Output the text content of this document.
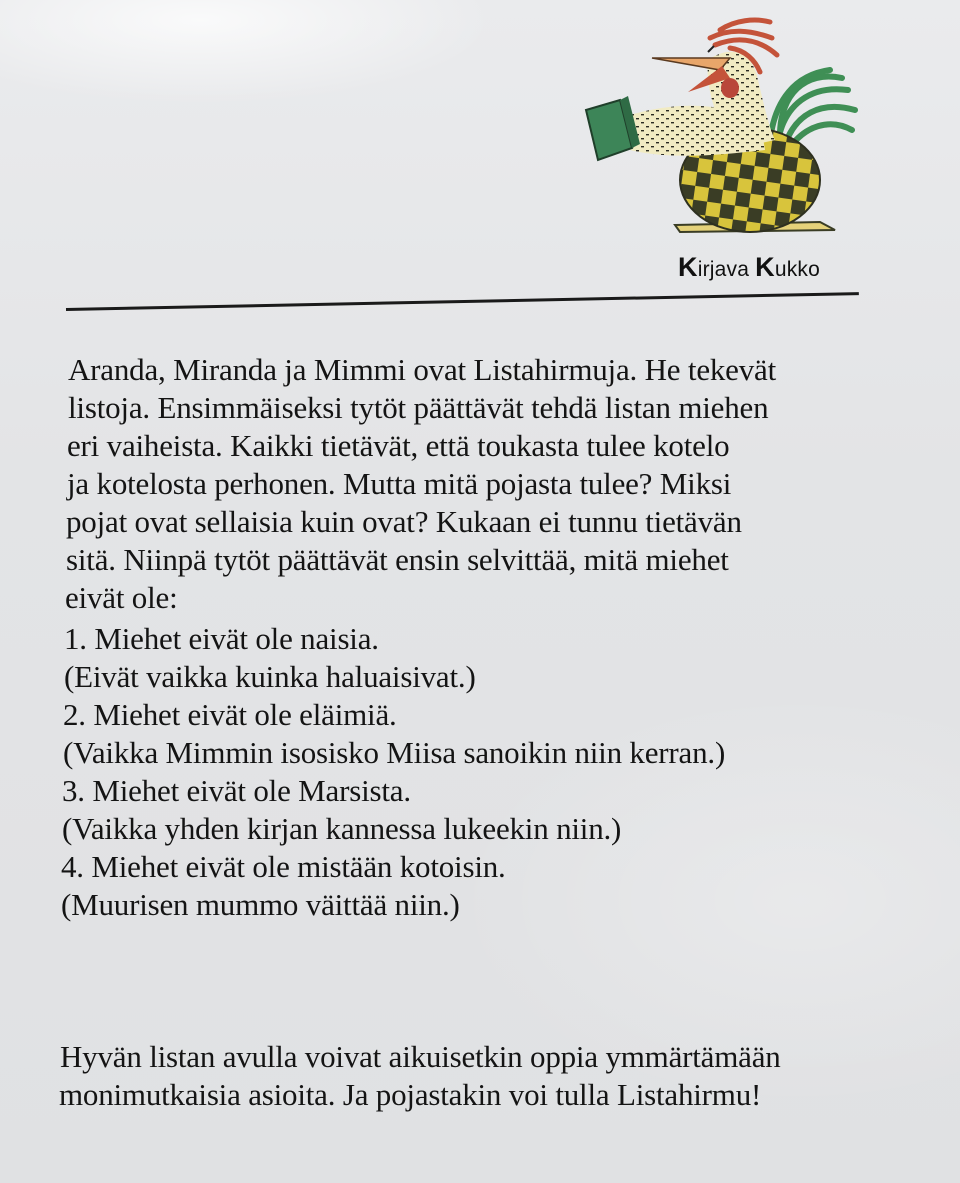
Kirjava Kukko
Aranda, Miranda ja Mimmi ovat Listahirmuja. He tekevät
listoja. Ensimmäiseksi tytöt päättävät tehdä listan miehen
eri vaiheista. Kaikki tietävät, että toukasta tulee kotelo
ja kotelosta perhonen. Mutta mitä pojasta tulee? Miksi
pojat ovat sellaisia kuin ovat? Kukaan ei tunnu tietävän
sitä. Niinpä tytöt päättävät ensin selvittää, mitä miehet
eivät ole:
1. Miehet eivät ole naisia.
(Eivät vaikka kuinka haluaisivat.)
2. Miehet eivät ole eläimiä.
(Vaikka Mimmin isosisko Miisa sanoikin niin kerran.)
3. Miehet eivät ole Marsista.
(Vaikka yhden kirjan kannessa lukeekin niin.)
4. Miehet eivät ole mistään kotoisin.
(Muurisen mummo väittää niin.)
Hyvän listan avulla voivat aikuisetkin oppia ymmärtämään
monimutkaisia asioita. Ja pojastakin voi tulla Listahirmu!
